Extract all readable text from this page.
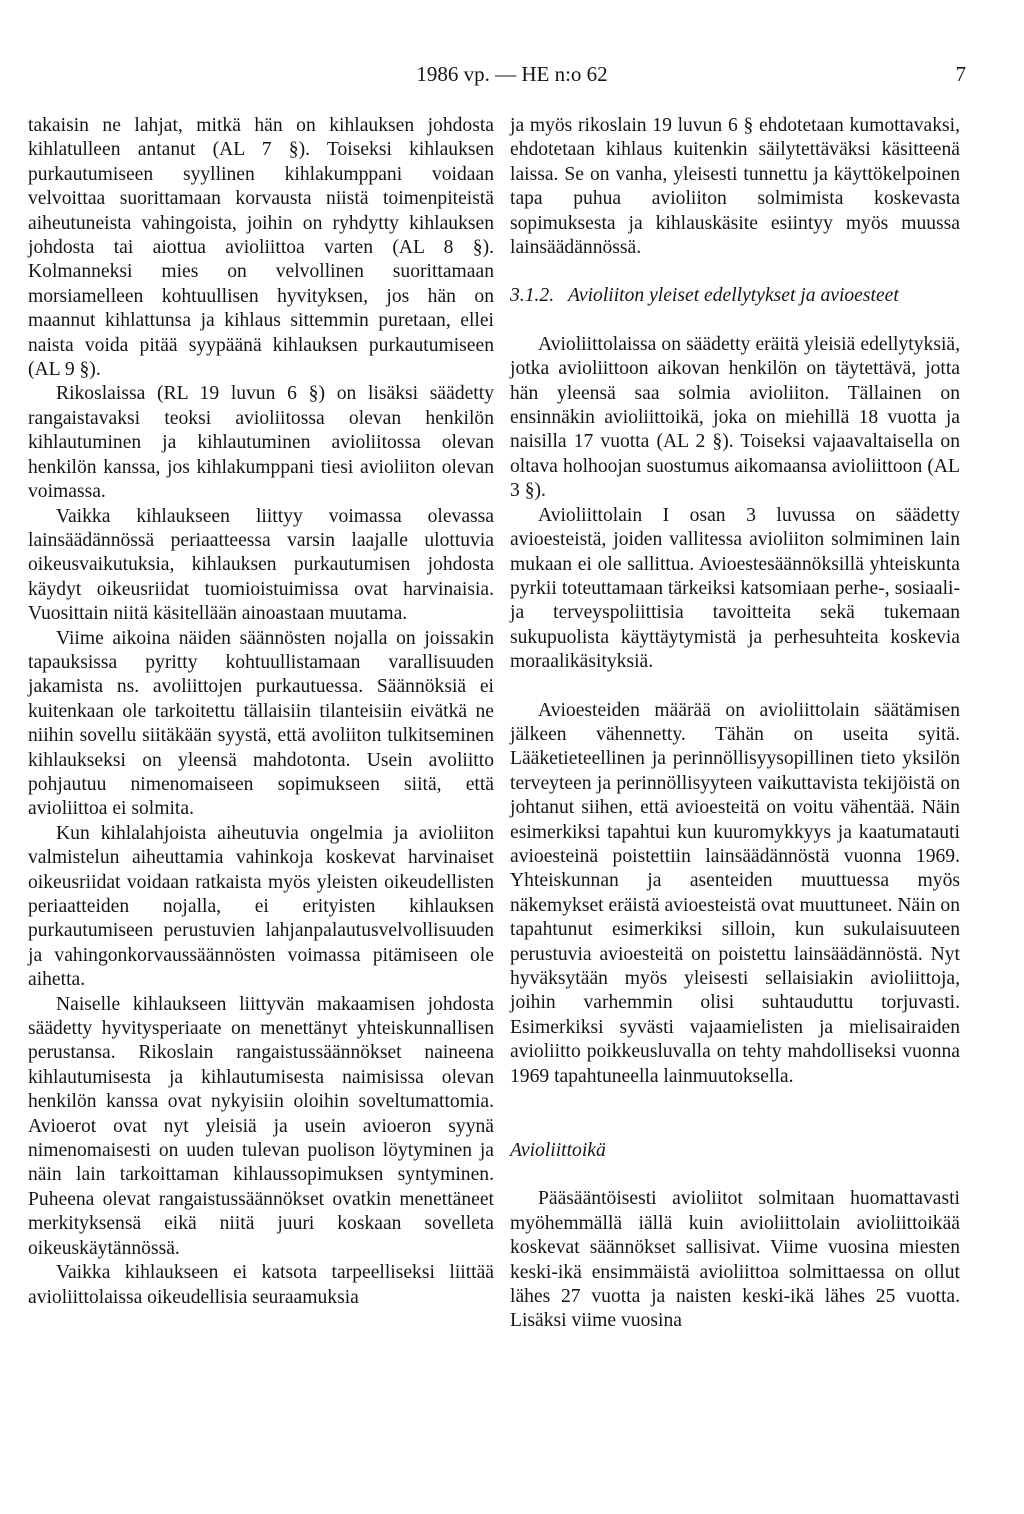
1986 vp. — HE n:o 62	7

takaisin ne lahjat, mitkä hän on kihlauksen johdosta kihlatulleen antanut (AL 7 §). Toiseksi kihlauksen purkautumiseen syyllinen kihlakumppani voidaan velvoittaa suorittamaan korvausta niistä toimenpiteistä aiheutuneista vahingoista, joihin on ryhdytty kihlauksen johdosta tai aiottua avioliittoa varten (AL 8 §). Kolmanneksi mies on velvollinen suorittamaan morsiamelleen kohtuullisen hyvityksen, jos hän on maannut kihlattunsa ja kihlaus sittemmin puretaan, ellei naista voida pitää syypäänä kihlauksen purkautumiseen (AL 9 §).

Rikoslaissa (RL 19 luvun 6 §) on lisäksi säädetty rangaistavaksi teoksi avioliitossa olevan henkilön kihlautuminen ja kihlautuminen avioliitossa olevan henkilön kanssa, jos kihlakumppani tiesi avioliiton olevan voimassa.

Vaikka kihlaukseen liittyy voimassa olevassa lainsäädännössä periaatteessa varsin laajalle ulottuvia oikeusvaikutuksia, kihlauksen purkautumisen johdosta käydyt oikeusriidat tuomioistuimissa ovat harvinaisia. Vuosittain niitä käsitellään ainoastaan muutama.

Viime aikoina näiden säännösten nojalla on joissakin tapauksissa pyritty kohtuullistamaan varallisuuden jakamista ns. avoliittojen purkautuessa. Säännöksiä ei kuitenkaan ole tarkoitettu tällaisiin tilanteisiin eivätkä ne niihin sovellu siitäkään syystä, että avoliiton tulkitseminen kihlaukseksi on yleensä mahdotonta. Usein avoliitto pohjautuu nimenomaiseen sopimukseen siitä, että avioliittoa ei solmita.

Kun kihlalahjoista aiheutuvia ongelmia ja avioliiton valmistelun aiheuttamia vahinkoja koskevat harvinaiset oikeusriidat voidaan ratkaista myös yleisten oikeudellisten periaatteiden nojalla, ei erityisten kihlauksen purkautumiseen perustuvien lahjanpalautusvelvollisuuden ja vahingonkorvaussäännösten voimassa pitämiseen ole aihetta.

Naiselle kihlaukseen liittyvän makaamisen johdosta säädetty hyvitysperiaate on menettänyt yhteiskunnallisen perustansa. Rikoslain rangaistussäännökset naineena kihlautumisesta ja kihlautumisesta naimisissa olevan henkilön kanssa ovat nykyisiin oloihin soveltumattomia. Avioerot ovat nyt yleisiä ja usein avioeron syynä nimenomaisesti on uuden tulevan puolison löytyminen ja näin lain tarkoittaman kihlaussopimuksen syntyminen. Puheena olevat rangaistussäännökset ovatkin menettäneet merkityksensä eikä niitä juuri koskaan sovelleta oikeuskäytännössä.

Vaikka kihlaukseen ei katsota tarpeelliseksi liittää avioliittolaissa oikeudellisia seuraamuksia

ja myös rikoslain 19 luvun 6 § ehdotetaan kumottavaksi, ehdotetaan kihlaus kuitenkin säilytettäväksi käsitteenä laissa. Se on vanha, yleisesti tunnettu ja käyttökelpoinen tapa puhua avioliiton solmimista koskevasta sopimuksesta ja kihlauskäsite esiintyy myös muussa lainsäädännössä.

3.1.2. Avioliiton yleiset edellytykset ja avioesteet

Avioliittolaissa on säädetty eräitä yleisiä edellytyksiä, jotka avioliittoon aikovan henkilön on täytettävä, jotta hän yleensä saa solmia avioliiton. Tällainen on ensinnäkin avioliittoikä, joka on miehillä 18 vuotta ja naisilla 17 vuotta (AL 2 §). Toiseksi vajaavaltaisella on oltava holhoojan suostumus aikomaansa avioliittoon (AL 3 §).

Avioliittolain I osan 3 luvussa on säädetty avioesteistä, joiden vallitessa avioliiton solmiminen lain mukaan ei ole sallittua. Avioestesäännöksillä yhteiskunta pyrkii toteuttamaan tärkeiksi katsomiaan perhe-, sosiaali- ja terveyspoliittisia tavoitteita sekä tukemaan sukupuolista käyttäytymistä ja perhesuhteita koskevia moraalikäsityksiä.

Avioesteiden määrää on avioliittolain säätämisen jälkeen vähennetty. Tähän on useita syitä. Lääketieteellinen ja perinnöllisyysopillinen tieto yksilön terveyteen ja perinnöllisyyteen vaikuttavista tekijöistä on johtanut siihen, että avioesteitä on voitu vähentää. Näin esimerkiksi tapahtui kun kuuromykkyys ja kaatumatauti avioesteinä poistettiin lainsäädännöstä vuonna 1969. Yhteiskunnan ja asenteiden muuttuessa myös näkemykset eräistä avioesteistä ovat muuttuneet. Näin on tapahtunut esimerkiksi silloin, kun sukulaisuuteen perustuvia avioesteitä on poistettu lainsäädännöstä. Nyt hyväksytään myös yleisesti sellaisiakin avioliittoja, joihin varhemmin olisi suhtauduttu torjuvasti. Esimerkiksi syvästi vajaamielisten ja mielisairaiden avioliitto poikkeusluvalla on tehty mahdolliseksi vuonna 1969 tapahtuneella lainmuutoksella.

Avioliittoikä

Pääsääntöisesti avioliitot solmitaan huomattavasti myöhemmällä iällä kuin avioliittolain avioliittoikää koskevat säännökset sallisivat. Viime vuosina miesten keski-ikä ensimmäistä avioliittoa solmittaessa on ollut lähes 27 vuotta ja naisten keski-ikä lähes 25 vuotta. Lisäksi viime vuosina
